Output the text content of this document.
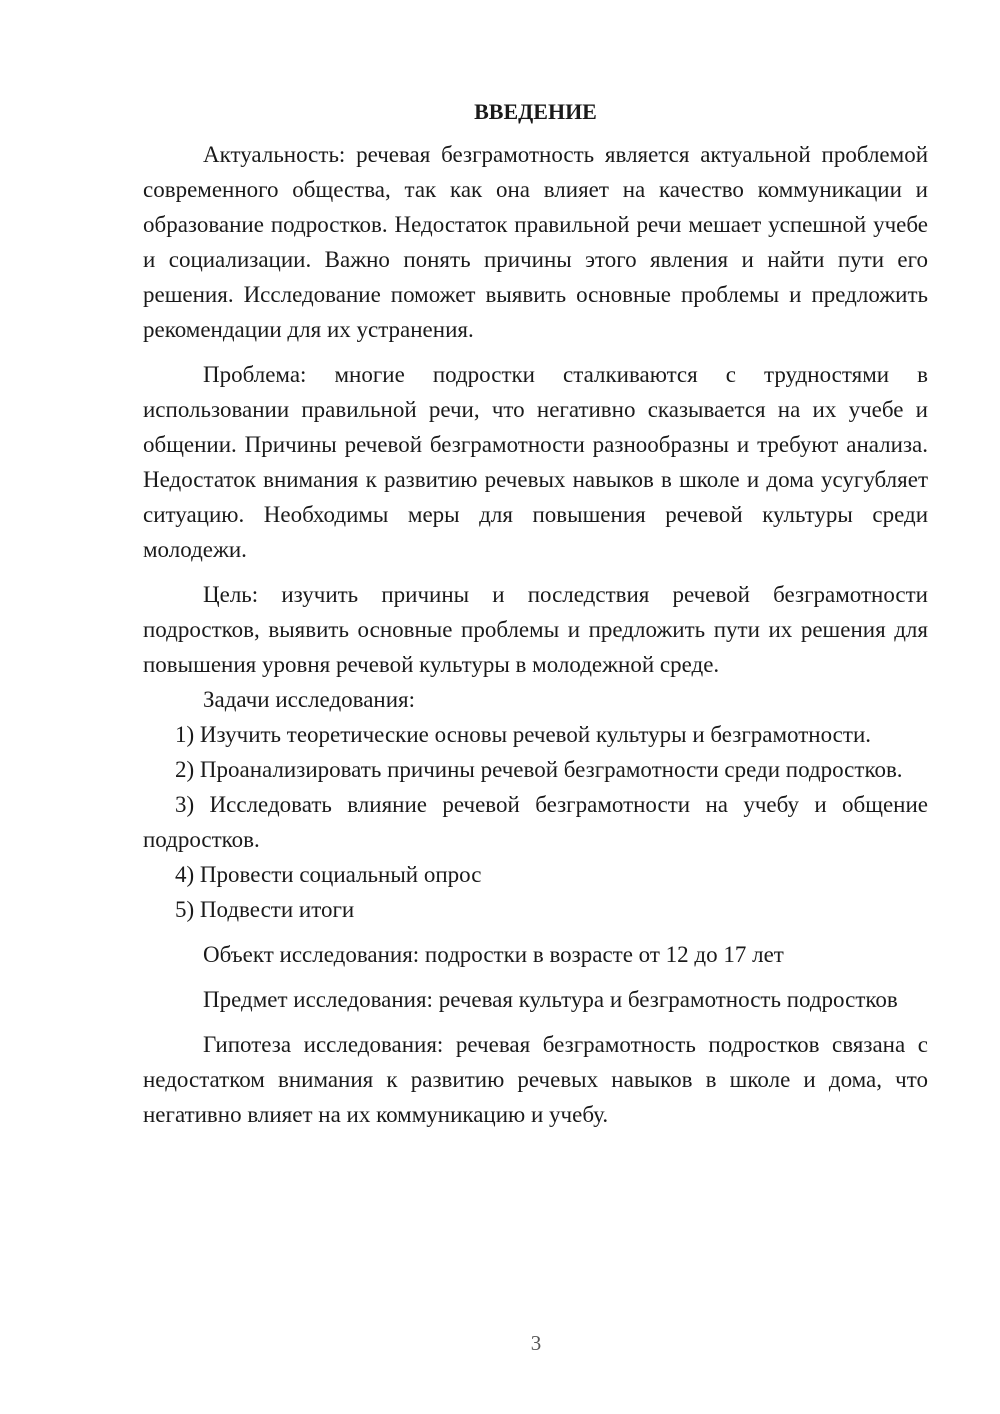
ВВЕДЕНИЕ

Актуальность: речевая безграмотность является актуальной проблемой современного общества, так как она влияет на качество коммуникации и образование подростков. Недостаток правильной речи мешает успешной учебе и социализации. Важно понять причины этого явления и найти пути его решения. Исследование поможет выявить основные проблемы и предложить рекомендации для их устранения.

Проблема: многие подростки сталкиваются с трудностями в использовании правильной речи, что негативно сказывается на их учебе и общении. Причины речевой безграмотности разнообразны и требуют анализа. Недостаток внимания к развитию речевых навыков в школе и дома усугубляет ситуацию. Необходимы меры для повышения речевой культуры среди молодежи.

Цель: изучить причины и последствия речевой безграмотности подростков, выявить основные проблемы и предложить пути их решения для повышения уровня речевой культуры в молодежной среде.

Задачи исследования:

1) Изучить теоретические основы речевой культуры и безграмотности.

2) Проанализировать причины речевой безграмотности среди подростков.

3) Исследовать влияние речевой безграмотности на учебу и общение подростков.

4) Провести социальный опрос

5) Подвести итоги

Объект исследования: подростки в возрасте от 12 до 17 лет

Предмет исследования: речевая культура и безграмотность подростков

Гипотеза исследования: речевая безграмотность подростков связана с недостатком внимания к развитию речевых навыков в школе и дома, что негативно влияет на их коммуникацию и учебу.

3
